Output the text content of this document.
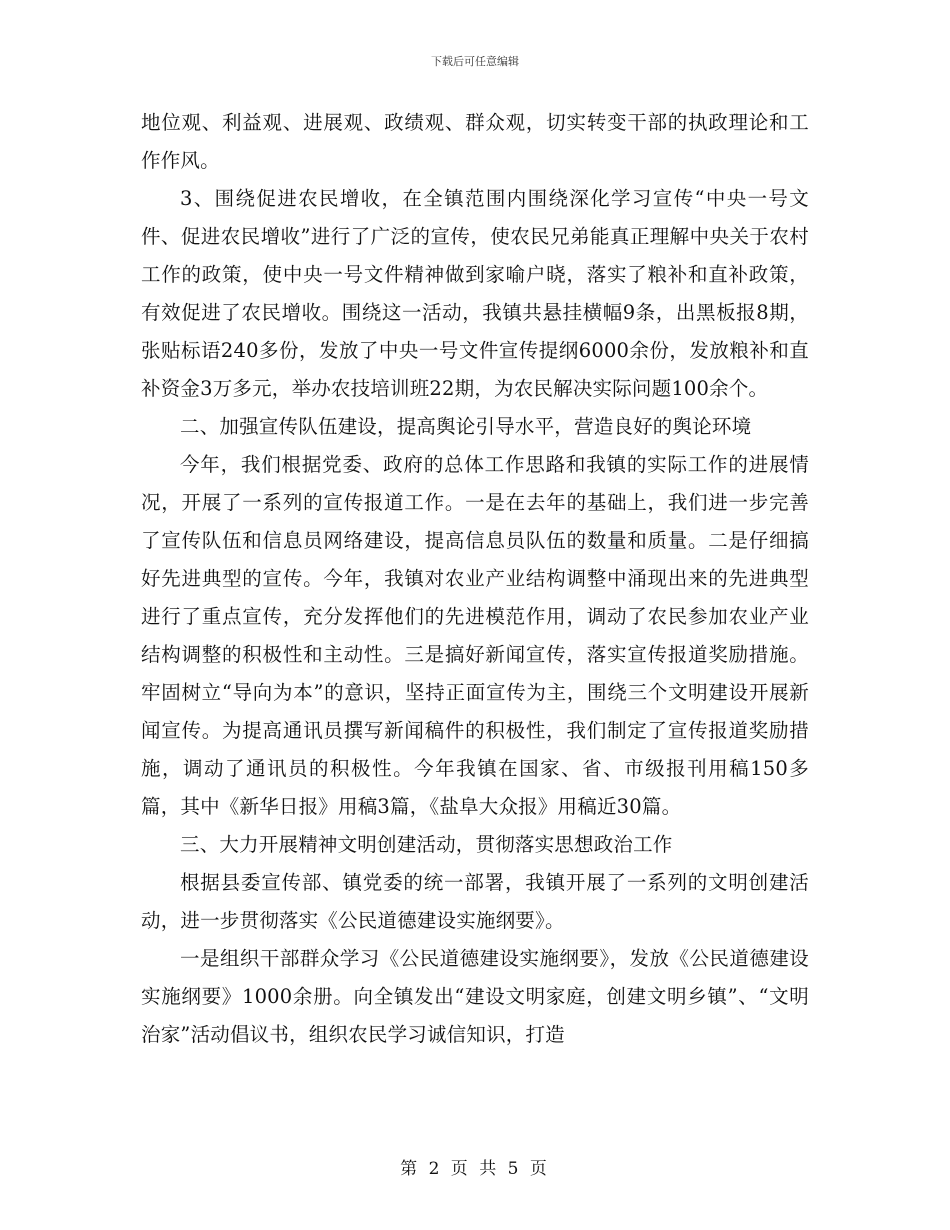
下载后可任意编辑

地位观、利益观、进展观、政绩观、群众观，切实转变干部的执政理论和工作作风。

3、围绕促进农民增收，在全镇范围内围绕深化学习宣传“中央一号文件、促进农民增收”进行了广泛的宣传，使农民兄弟能真正理解中央关于农村工作的政策，使中央一号文件精神做到家喻户晓，落实了粮补和直补政策，有效促进了农民增收。围绕这一活动，我镇共悬挂横幅9条，出黑板报8期，张贴标语240多份，发放了中央一号文件宣传提纲6000余份，发放粮补和直补资金3万多元，举办农技培训班22期，为农民解决实际问题100余个。

二、加强宣传队伍建设，提高舆论引导水平，营造良好的舆论环境

今年，我们根据党委、政府的总体工作思路和我镇的实际工作的进展情况，开展了一系列的宣传报道工作。一是在去年的基础上，我们进一步完善了宣传队伍和信息员网络建设，提高信息员队伍的数量和质量。二是仔细搞好先进典型的宣传。今年，我镇对农业产业结构调整中涌现出来的先进典型进行了重点宣传，充分发挥他们的先进模范作用，调动了农民参加农业产业结构调整的积极性和主动性。三是搞好新闻宣传，落实宣传报道奖励措施。牢固树立“导向为本”的意识，坚持正面宣传为主，围绕三个文明建设开展新闻宣传。为提高通讯员撰写新闻稿件的积极性，我们制定了宣传报道奖励措施，调动了通讯员的积极性。今年我镇在国家、省、市级报刊用稿150多篇，其中《新华日报》用稿3篇，《盐阜大众报》用稿近30篇。

三、大力开展精神文明创建活动，贯彻落实思想政治工作

根据县委宣传部、镇党委的统一部署，我镇开展了一系列的文明创建活动，进一步贯彻落实《公民道德建设实施纲要》。

一是组织干部群众学习《公民道德建设实施纲要》，发放《公民道德建设实施纲要》1000余册。向全镇发出“建设文明家庭，创建文明乡镇”、“文明治家”活动倡议书，组织农民学习诚信知识，打造

第 2 页 共 5 页
